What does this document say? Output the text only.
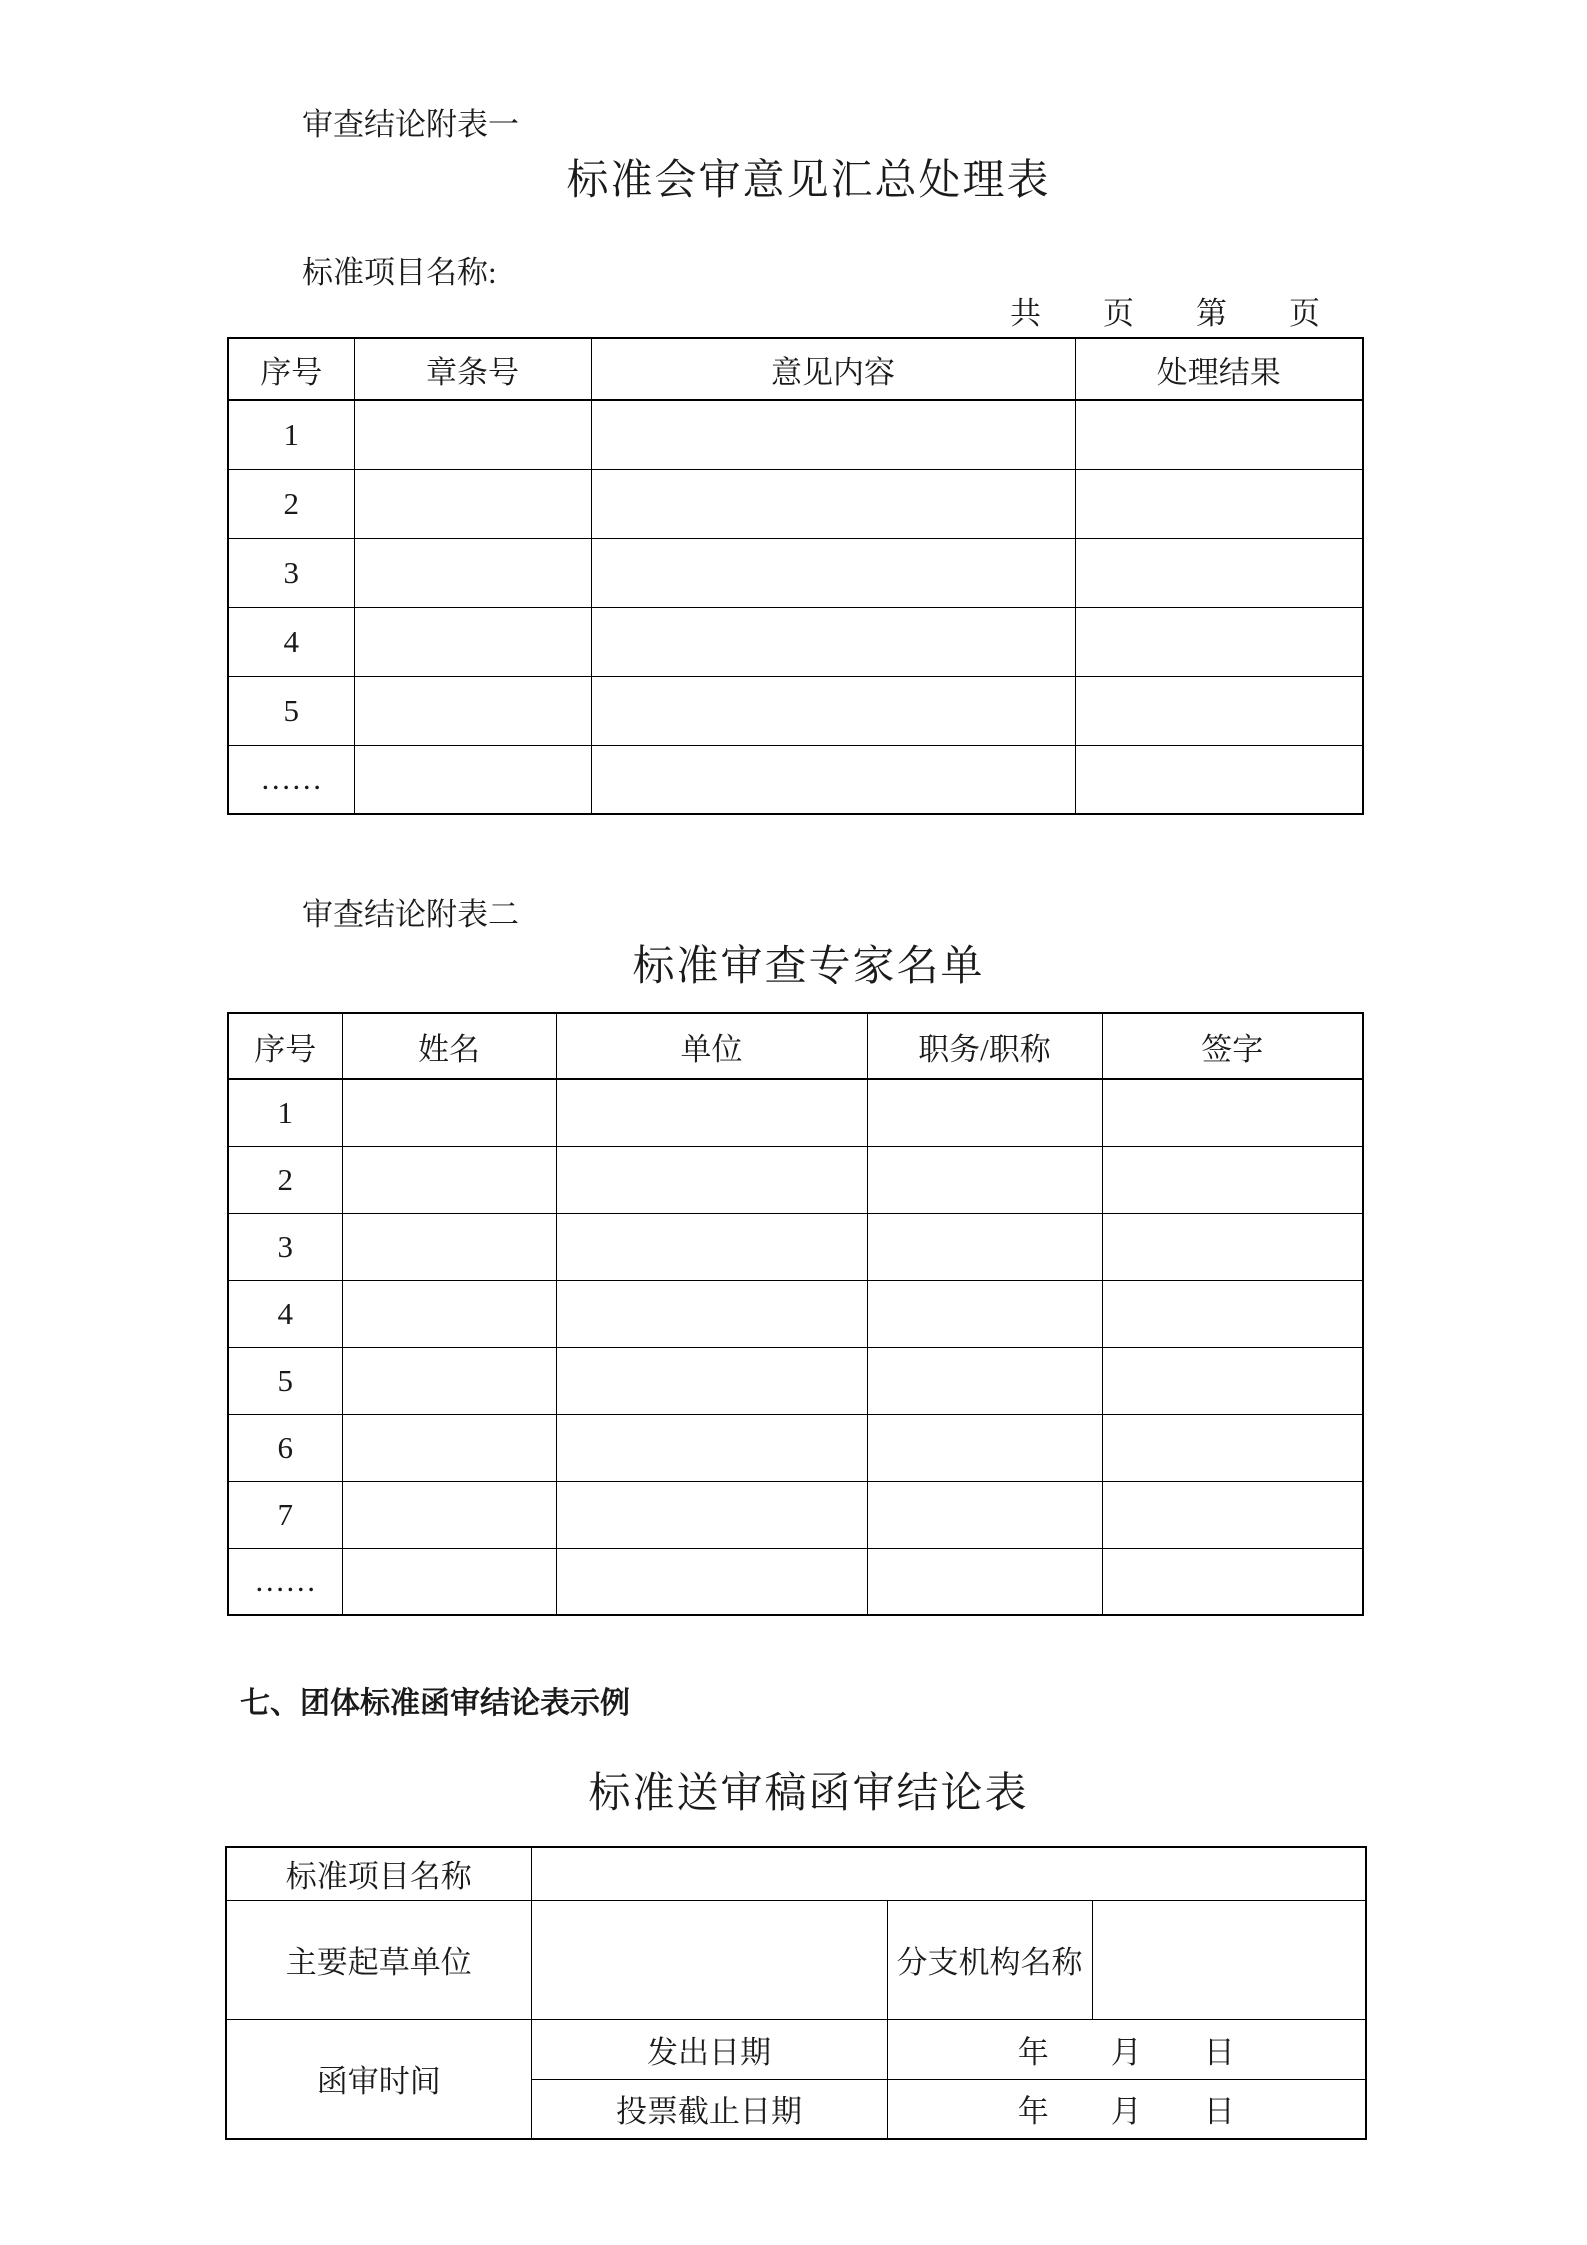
审查结论附表一
标准会审意见汇总处理表
标准项目名称:
共　　页　　第　　页
序号	章条号	意见内容	处理结果
1			
2			
3			
4			
5			
……			
审查结论附表二
标准审查专家名单
序号	姓名	单位	职务/职称	签字
1				
2				
3				
4				
5				
6				
7				
……				
七、团体标准函审结论表示例
标准送审稿函审结论表
标准项目名称			
主要起草单位		分支机构名称	
函审时间	发出日期	年　　月　　日	
	投票截止日期	年　　月　　日	
